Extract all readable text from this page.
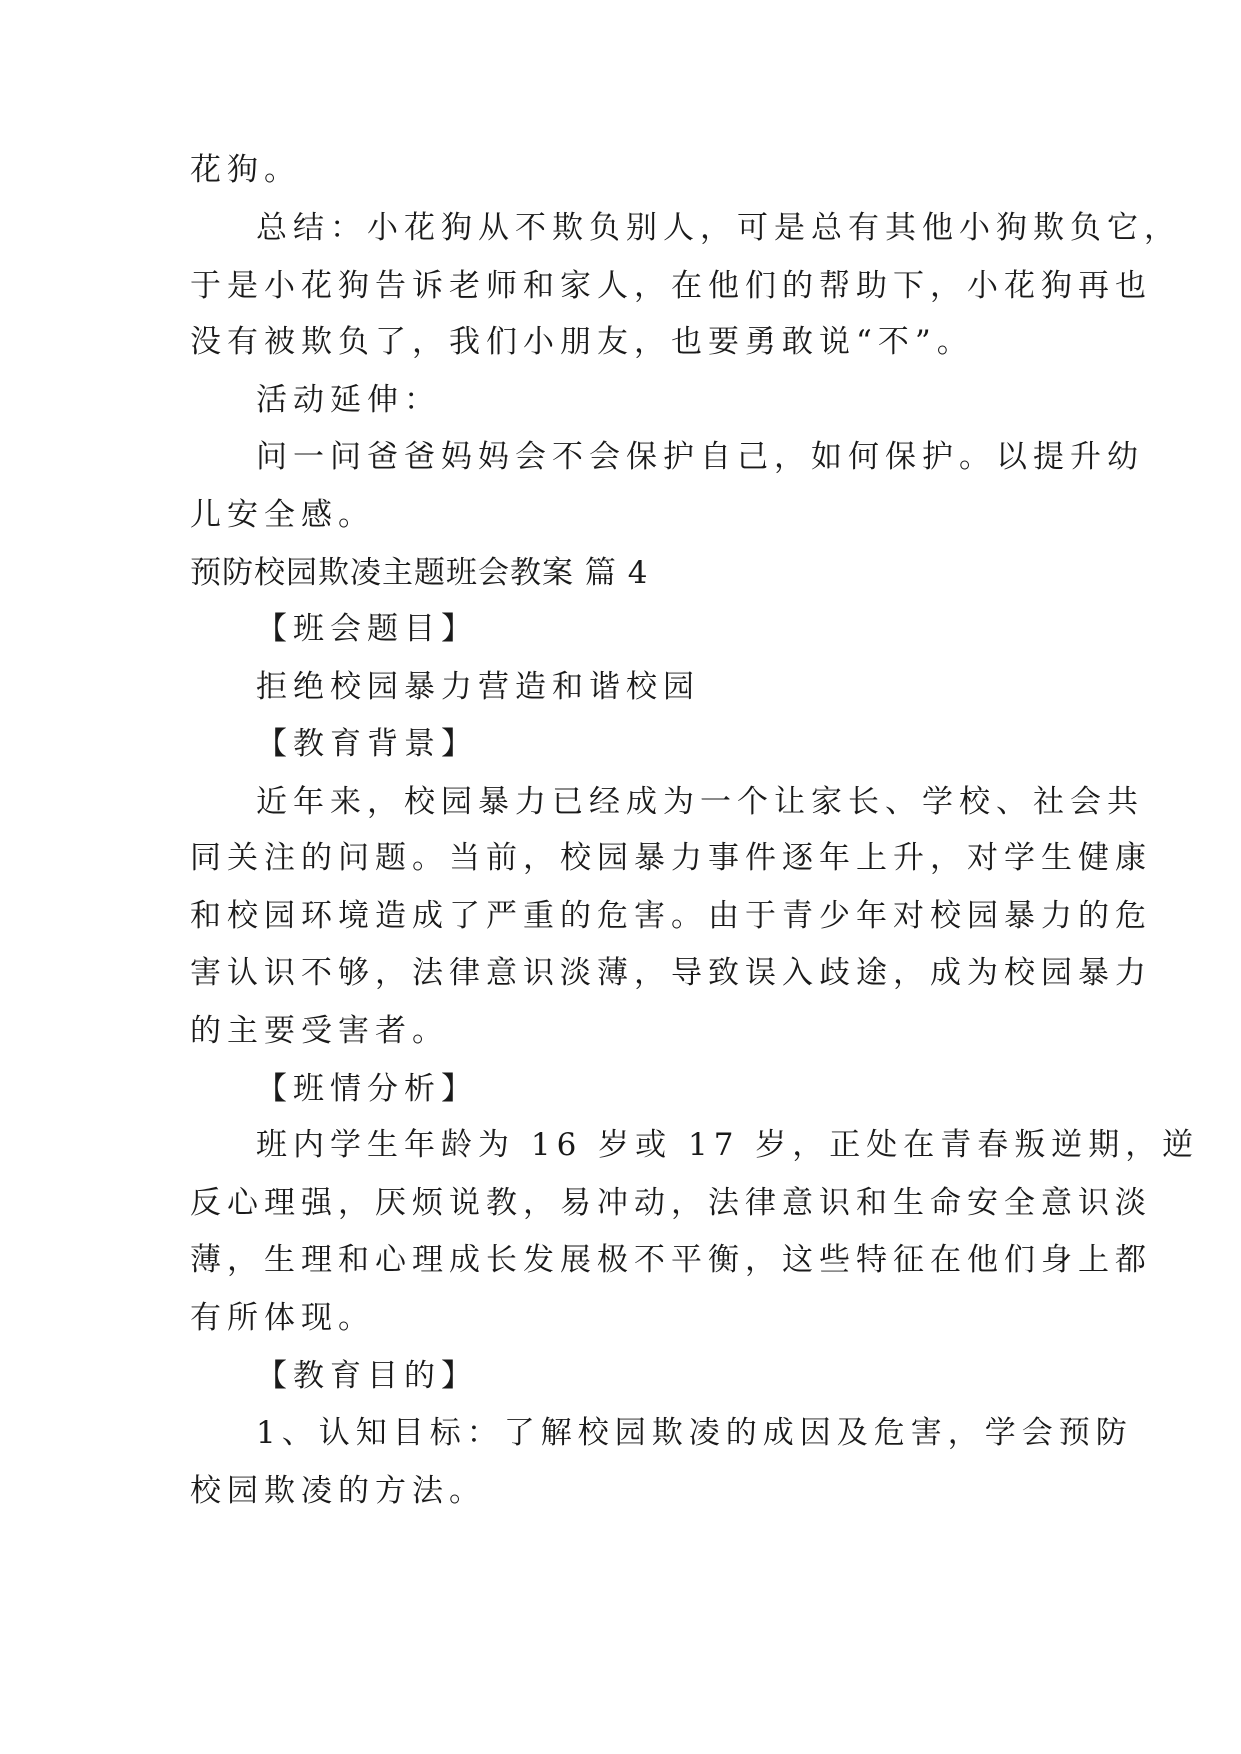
花狗。
总结：小花狗从不欺负别人，可是总有其他小狗欺负它，
于是小花狗告诉老师和家人，在他们的帮助下，小花狗再也
没有被欺负了，我们小朋友，也要勇敢说“不”。
活动延伸：
问一问爸爸妈妈会不会保护自己，如何保护。以提升幼
儿安全感。
预防校园欺凌主题班会教案 篇 4
【班会题目】
拒绝校园暴力营造和谐校园
【教育背景】
近年来，校园暴力已经成为一个让家长、学校、社会共
同关注的问题。当前，校园暴力事件逐年上升，对学生健康
和校园环境造成了严重的危害。由于青少年对校园暴力的危
害认识不够，法律意识淡薄，导致误入歧途，成为校园暴力
的主要受害者。
【班情分析】
班内学生年龄为 16 岁或 17 岁，正处在青春叛逆期，逆
反心理强，厌烦说教，易冲动，法律意识和生命安全意识淡
薄，生理和心理成长发展极不平衡，这些特征在他们身上都
有所体现。
【教育目的】
1、认知目标：了解校园欺凌的成因及危害，学会预防
校园欺凌的方法。
